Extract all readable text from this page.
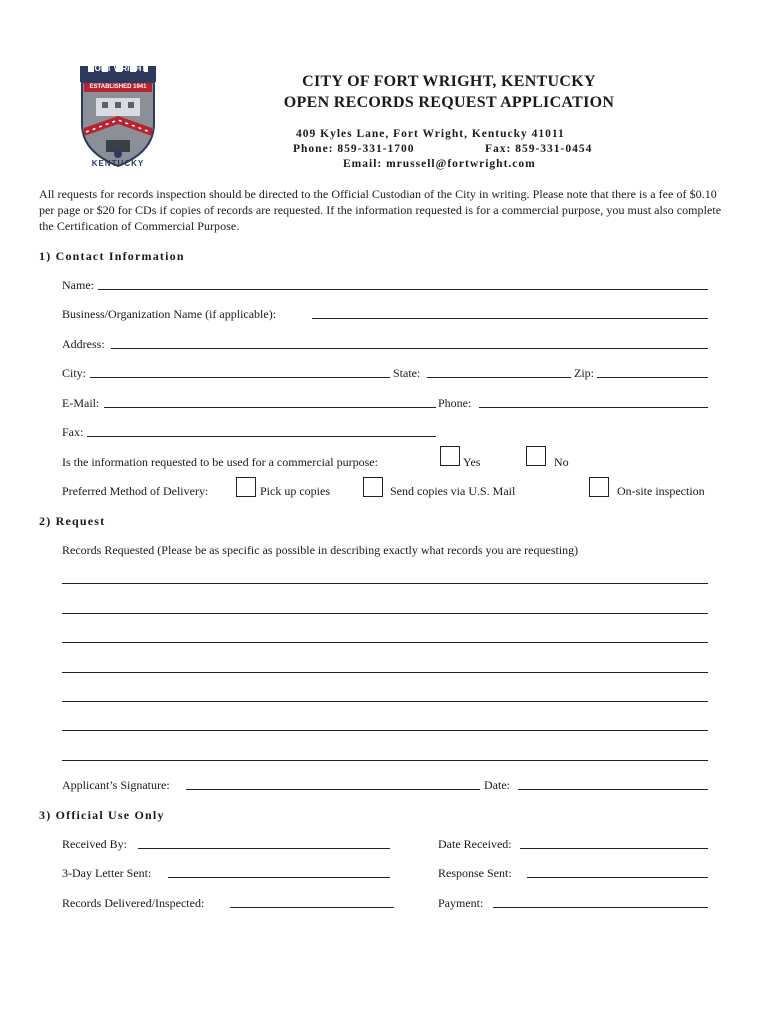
FORT WRIGHT
ESTABLISHED 1941
KENTUCKY
CITY OF FORT WRIGHT, KENTUCKY
OPEN RECORDS REQUEST APPLICATION
409 Kyles Lane, Fort Wright, Kentucky 41011
Phone: 859-331-1700	Fax: 859-331-0454
Email: mrussell@fortwright.com
All requests for records inspection should be directed to the Official Custodian of the City in writing. Please note that there is a fee of $0.10 per page or $20 for CDs if copies of records are requested. If the information requested is for a commercial purpose, you must also complete the Certification of Commercial Purpose.
1) Contact Information
Name:
Business/Organization Name (if applicable):
Address:
City:	State:	Zip:
E-Mail:	Phone:
Fax:
Is the information requested to be used for a commercial purpose:	Yes	No
Preferred Method of Delivery:	Pick up copies	Send copies via U.S. Mail	On-site inspection
2) Request
Records Requested (Please be as specific as possible in describing exactly what records you are requesting)
Applicant’s Signature:	Date:
3) Official Use Only
Received By:	Date Received:
3-Day Letter Sent:	Response Sent:
Records Delivered/Inspected:	Payment:
